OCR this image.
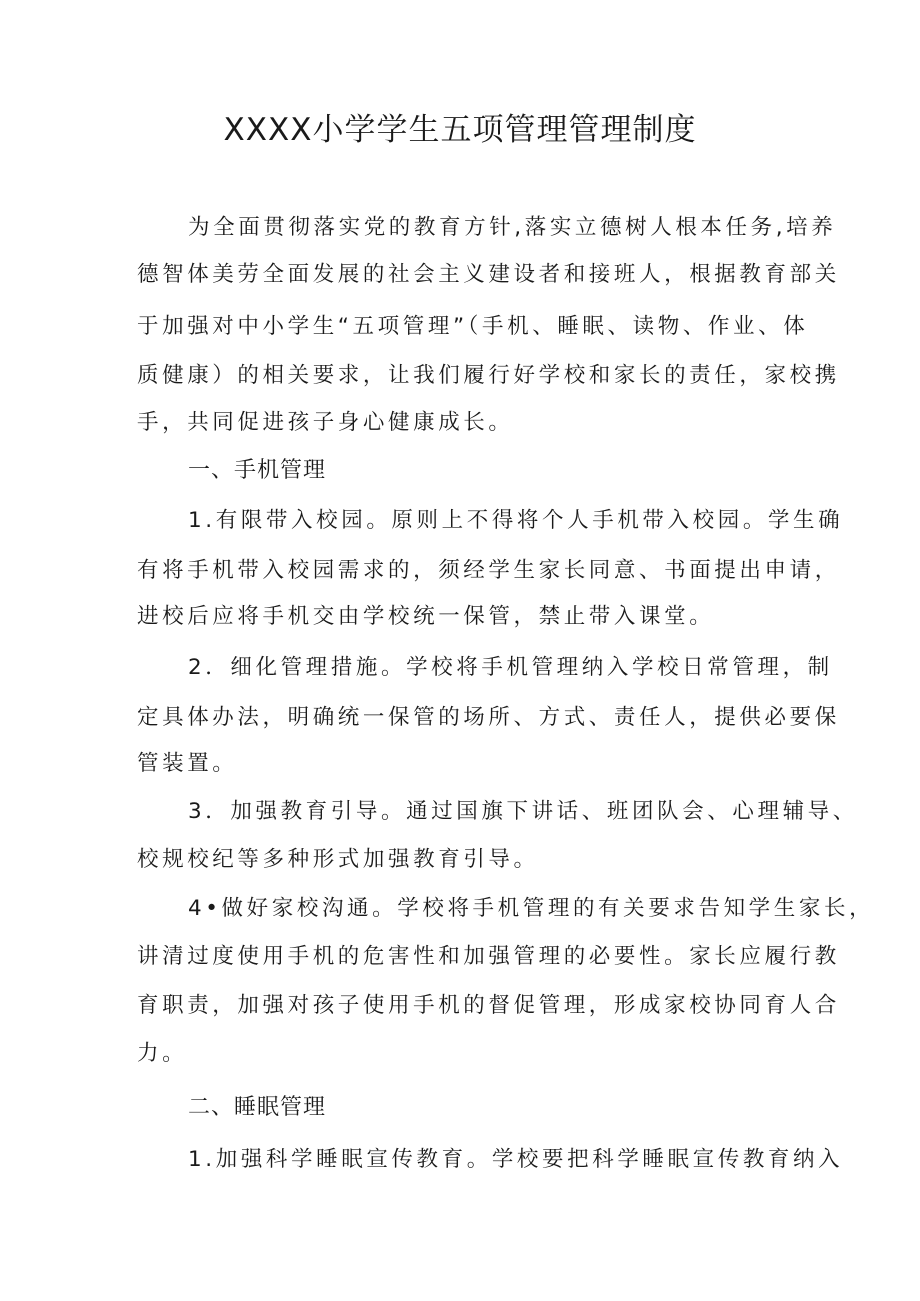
XXXX小学学生五项管理管理制度
为全面贯彻落实党的教育方针,落实立德树人根本任务,培养
德智体美劳全面发展的社会主义建设者和接班人，根据教育部关
于加强对中小学生“五项管理”（手机、睡眠、读物、作业、体
质健康）的相关要求，让我们履行好学校和家长的责任，家校携
手，共同促进孩子身心健康成长。
一、手机管理
1.有限带入校园。原则上不得将个人手机带入校园。学生确
有将手机带入校园需求的，须经学生家长同意、书面提出申请，
进校后应将手机交由学校统一保管，禁止带入课堂。
2．细化管理措施。学校将手机管理纳入学校日常管理，制
定具体办法，明确统一保管的场所、方式、责任人，提供必要保
管装置。
3．加强教育引导。通过国旗下讲话、班团队会、心理辅导、
校规校纪等多种形式加强教育引导。
4•做好家校沟通。学校将手机管理的有关要求告知学生家长，
讲清过度使用手机的危害性和加强管理的必要性。家长应履行教
育职责，加强对孩子使用手机的督促管理，形成家校协同育人合
力。
二、睡眠管理
1.加强科学睡眠宣传教育。学校要把科学睡眠宣传教育纳入
